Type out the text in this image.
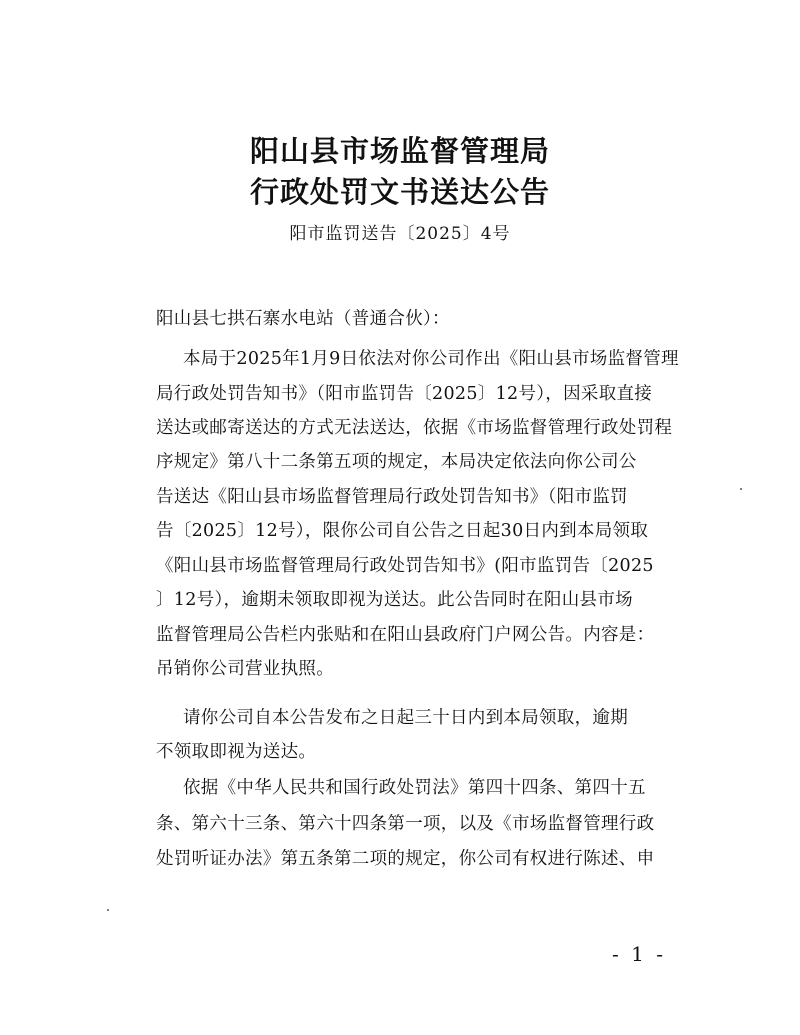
阳山县市场监督管理局
行政处罚文书送达公告
阳市监罚送告〔2025〕4号
阳山县七拱石寨水电站（普通合伙）：
本局于2025年1月9日依法对你公司作出《阳山县市场监督管理
局行政处罚告知书》（阳市监罚告〔2025〕12号），因采取直接
送达或邮寄送达的方式无法送达，依据《市场监督管理行政处罚程
序规定》第八十二条第五项的规定，本局决定依法向你公司公
告送达《阳山县市场监督管理局行政处罚告知书》（阳市监罚
告〔2025〕12号），限你公司自公告之日起30日内到本局领取
《阳山县市场监督管理局行政处罚告知书》(阳市监罚告〔2025
〕12号），逾期未领取即视为送达。此公告同时在阳山县市场
监督管理局公告栏内张贴和在阳山县政府门户网公告。内容是：
吊销你公司营业执照。
请你公司自本公告发布之日起三十日内到本局领取，逾期
不领取即视为送达。
依据《中华人民共和国行政处罚法》第四十四条、第四十五
条、第六十三条、第六十四条第一项，以及《市场监督管理行政
处罚听证办法》第五条第二项的规定，你公司有权进行陈述、申
- 1 -
